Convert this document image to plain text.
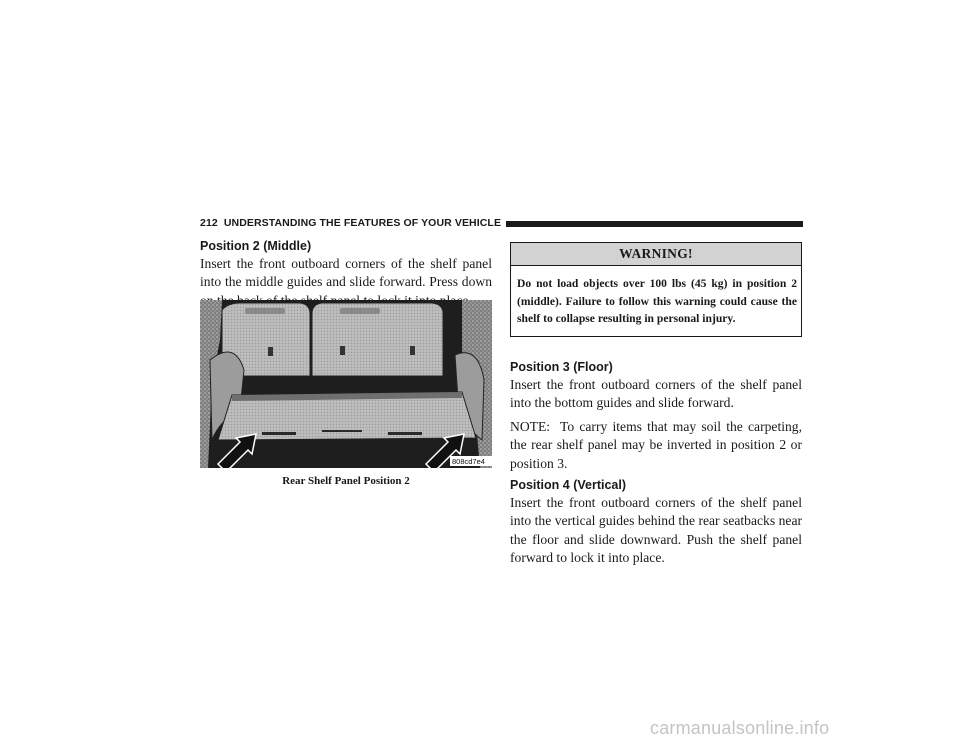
212 UNDERSTANDING THE FEATURES OF YOUR VEHICLE
Position 2 (Middle)

Insert the front outboard corners of the shelf panel into the middle guides and slide forward. Press down

808cd7e4
Rear Shelf Panel Position 2
WARNING!
Do not load objects over 100 lbs (45 kg) in position 2 (middle). Failure to follow this warning could cause the shelf to collapse resulting in personal injury.
Position 3 (Floor)

Insert the front outboard corners of the shelf panel into the bottom guides and slide forward.

NOTE: To carry items that may soil the carpeting, the rear shelf panel may be inverted in position 2 or position 3.

Position 4 (Vertical)

Insert the front outboard corners of the shelf panel into the vertical guides behind the rear seatbacks near the floor and slide downward. Push the shelf panel forward to lock it into place.

carmanualsonline.info
